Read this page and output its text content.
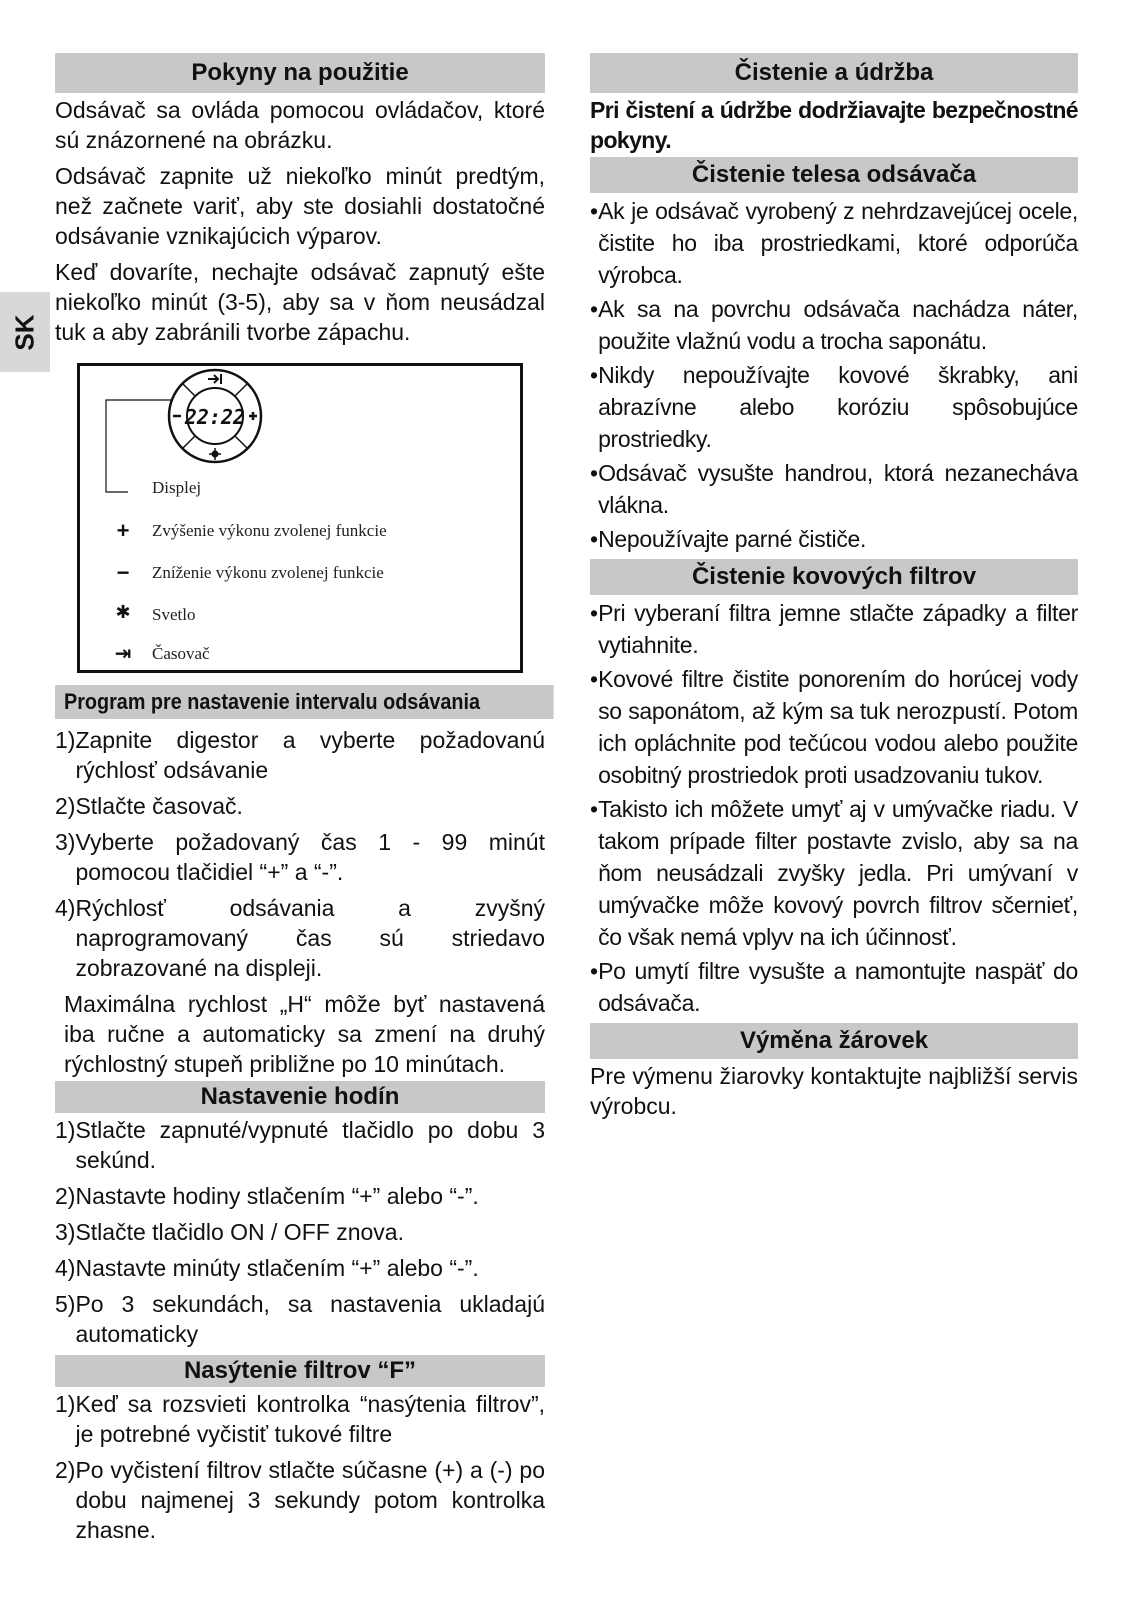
SK
Pokyny na použitie

Odsávač sa ovláda pomocou ovládačov, ktoré sú znázornené na obrázku.

Odsávač zapnite už niekoľko minút predtým, než začnete variť, aby ste dosiahli dostatočné odsávanie vznikajúcich výparov.

Keď dovaríte, nechajte odsávač zapnutý ešte niekoľko minút (3-5), aby sa v ňom neusádzal tuk a aby zabránili tvorbe zápachu.

22:22
Displej
+ Zvýšenie výkonu zvolenej funkcie
− Zníženie výkonu zvolenej funkcie
✱ Svetlo
⇥ Časovač
Program pre nastavenie intervalu odsávania
1) Zapnite digestor a vyberte požadovanú rýchlosť odsávanie
2) Stlačte časovač.
3) Vyberte požadovaný čas 1 - 99 minút pomocou tlačidiel “+” a “-”.
4) Rýchlosť odsávania a zvyšný naprogramovaný čas sú striedavo zobrazované na displeji.

Maximálna rychlost „H“ môže byť nastavená iba ručne a automaticky sa zmení na druhý rýchlostný stupeň približne po 10 minútach.

Nastavenie hodín
1) Stlačte zapnuté/vypnuté tlačidlo po dobu 3 sekúnd.
2) Nastavte hodiny stlačením “+” alebo “-”.
3) Stlačte tlačidlo ON / OFF znova.
4) Nastavte minúty stlačením “+” alebo “-”.
5) Po 3 sekundách, sa nastavenia ukladajú automaticky
Nasýtenie filtrov “F”
1) Keď sa rozsvieti kontrolka “nasýtenia filtrov”, je potrebné vyčistiť tukové filtre
2) Po vyčistení filtrov stlačte súčasne (+) a (-) po dobu najmenej 3 sekundy potom kontrolka zhasne.
Čistenie a údržba

Pri čistení a údržbe dodržiavajte bezpečnostné pokyny.

Čistenie telesa odsávača
• Ak je odsávač vyrobený z nehrdzavejúcej ocele, čistite ho iba prostriedkami, ktoré odporúča výrobca.
• Ak sa na povrchu odsávača nachádza náter, použite vlažnú vodu a trocha saponátu.
• Nikdy nepoužívajte kovové škrabky, ani abrazívne alebo koróziu spôsobujúce prostriedky.
• Odsávač vysušte handrou, ktorá nezanecháva vlákna.
• Nepoužívajte parné čističe.
Čistenie kovových filtrov
• Pri vyberaní filtra jemne stlačte západky a filter vytiahnite.
• Kovové filtre čistite ponorením do horúcej vody so saponátom, až kým sa tuk nerozpustí. Potom ich opláchnite pod tečúcou vodou alebo použite osobitný prostriedok proti usadzovaniu tukov.
• Takisto ich môžete umyť aj v umývačke riadu. V takom prípade filter postavte zvislo, aby sa na ňom neusádzali zvyšky jedla. Pri umývaní v umývačke môže kovový povrch filtrov sčernieť, čo však nemá vplyv na ich účinnosť.
• Po umytí filtre vysušte a namontujte naspäť do odsávača.
Výměna žárovek

Pre výmenu žiarovky kontaktujte najbližší servis výrobcu.
